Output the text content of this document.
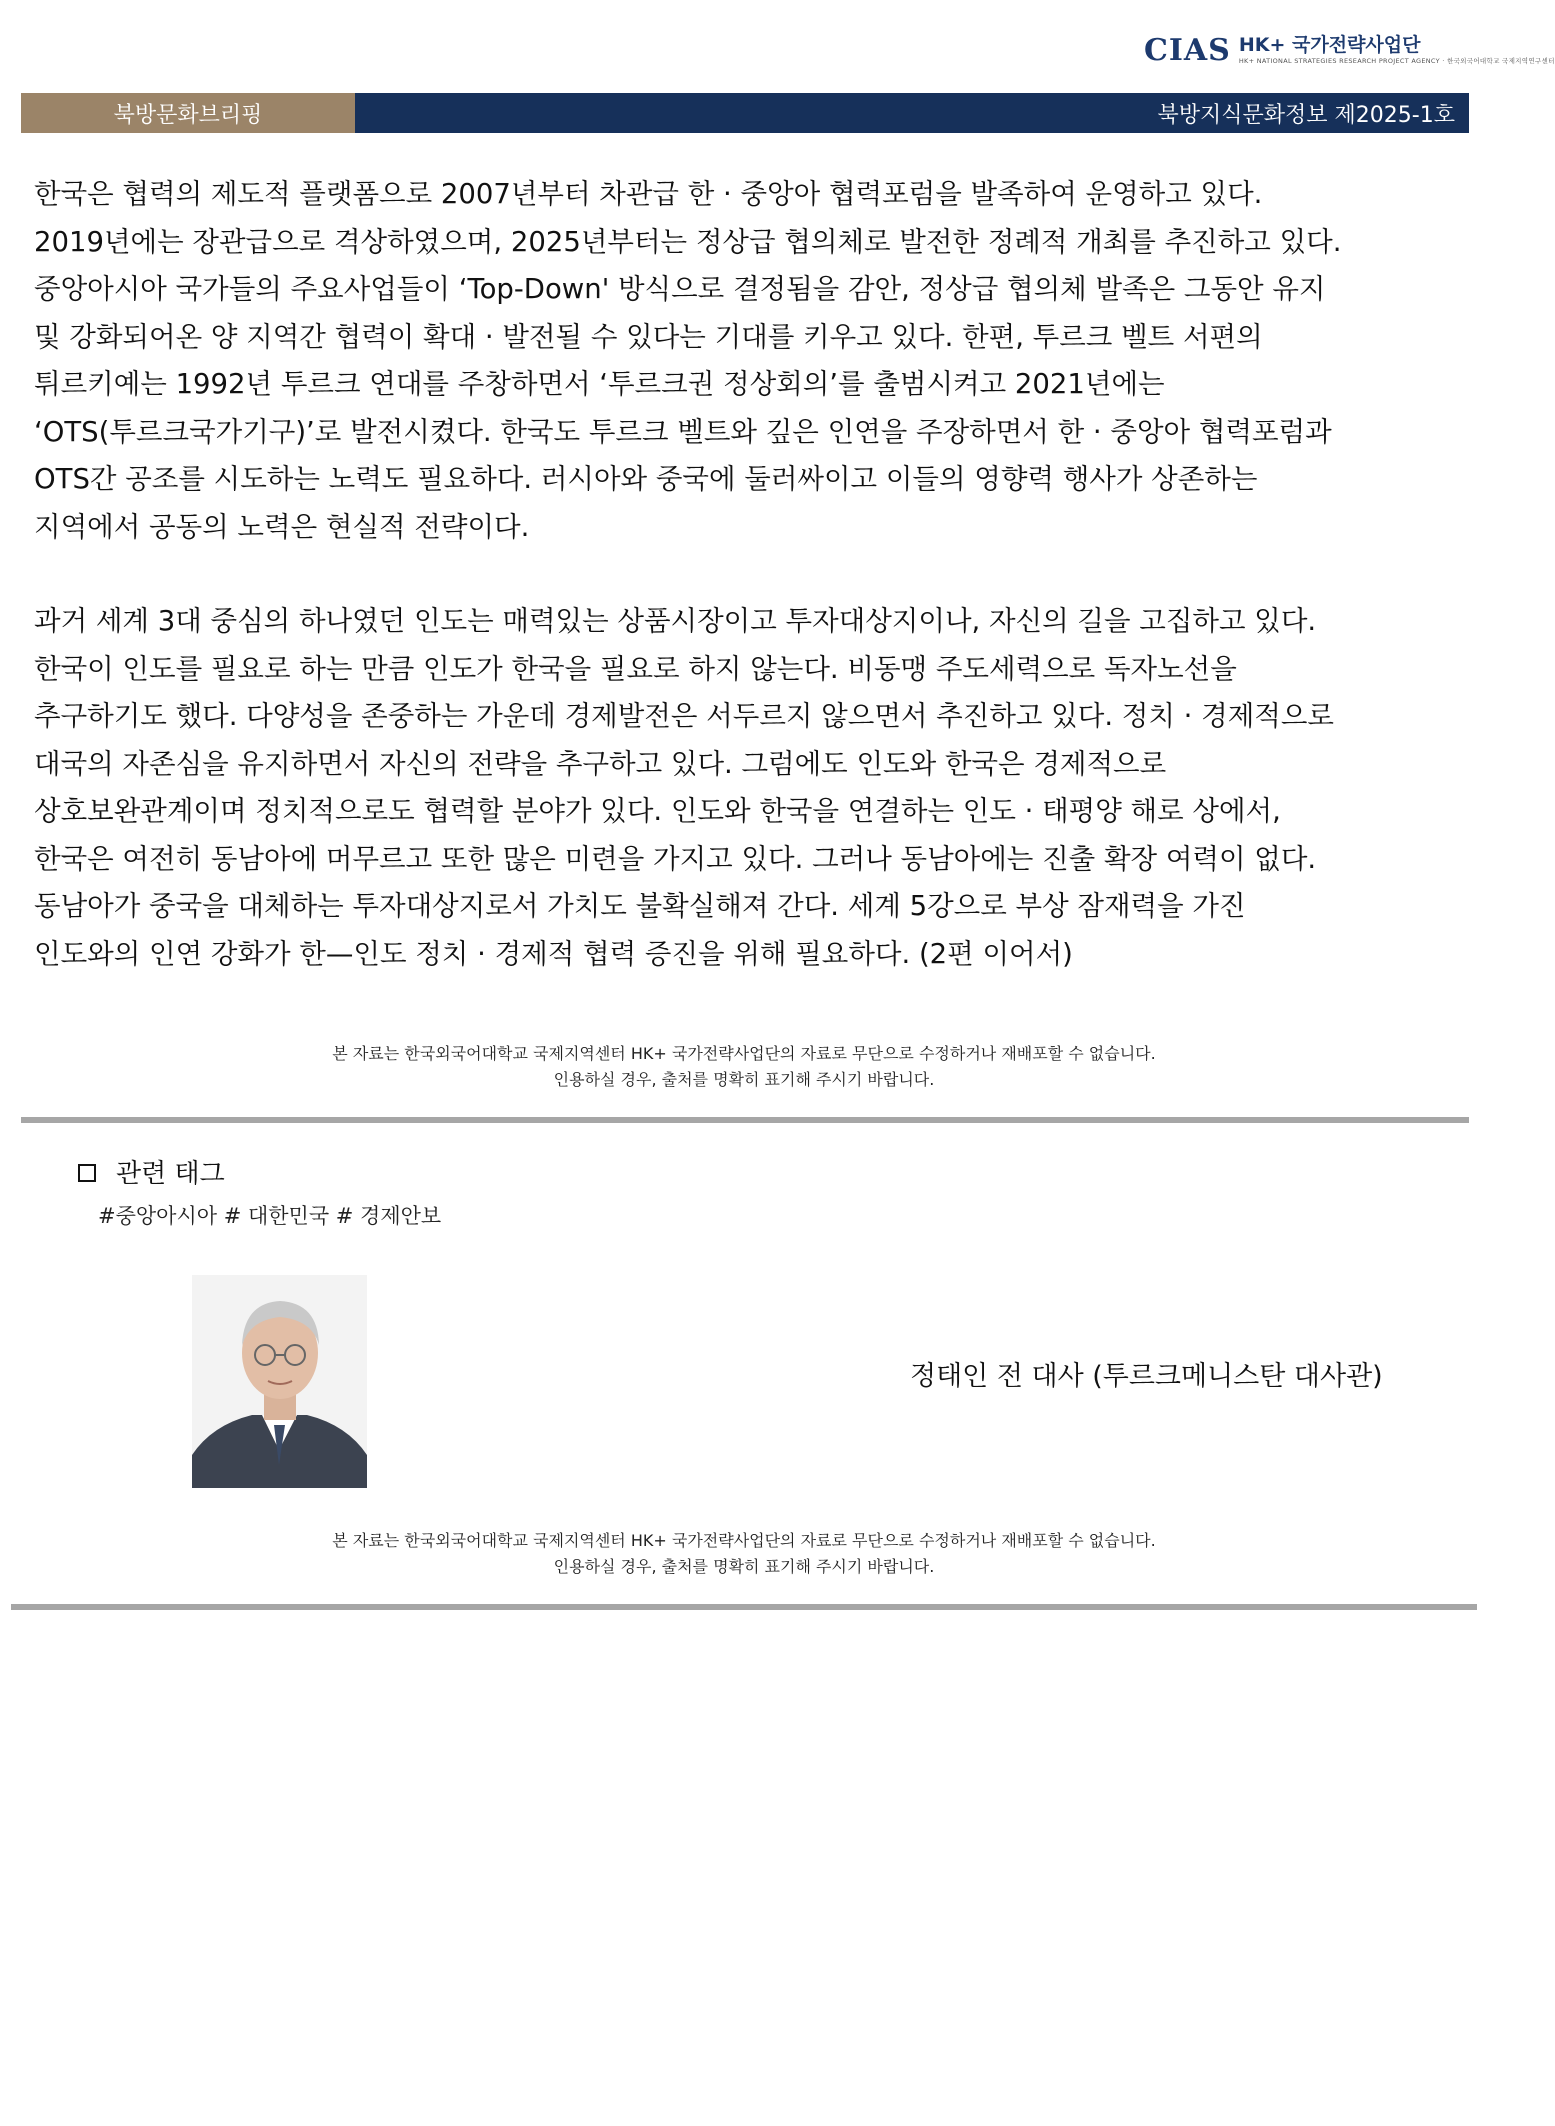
CIAS HK+ 국가전략사업단
HK+ NATIONAL STRATEGIES RESEARCH PROJECT AGENCY · 한국외국어대학교 국제지역연구센터
북방문화브리핑	북방지식문화정보 제2025-1호
한국은 협력의 제도적 플랫폼으로 2007년부터 차관급 한 · 중앙아 협력포럼을 발족하여 운영하고 있다.
2019년에는 장관급으로 격상하였으며, 2025년부터는 정상급 협의체로 발전한 정례적 개최를 추진하고 있다.
중앙아시아 국가들의 주요사업들이 ‘Top-Down' 방식으로 결정됨을 감안, 정상급 협의체 발족은 그동안 유지
및 강화되어온 양 지역간 협력이 확대 · 발전될 수 있다는 기대를 키우고 있다. 한편, 투르크 벨트 서편의
튀르키예는 1992년 투르크 연대를 주창하면서 ‘투르크권 정상회의’를 출범시켜고 2021년에는
‘OTS(투르크국가기구)’로 발전시켰다. 한국도 투르크 벨트와 깊은 인연을 주장하면서 한 · 중앙아 협력포럼과
OTS간 공조를 시도하는 노력도 필요하다. 러시아와 중국에 둘러싸이고 이들의 영향력 행사가 상존하는
지역에서 공동의 노력은 현실적 전략이다.
과거 세계 3대 중심의 하나였던 인도는 매력있는 상품시장이고 투자대상지이나, 자신의 길을 고집하고 있다.
한국이 인도를 필요로 하는 만큼 인도가 한국을 필요로 하지 않는다. 비동맹 주도세력으로 독자노선을
추구하기도 했다. 다양성을 존중하는 가운데 경제발전은 서두르지 않으면서 추진하고 있다. 정치 · 경제적으로
대국의 자존심을 유지하면서 자신의 전략을 추구하고 있다. 그럼에도 인도와 한국은 경제적으로
상호보완관계이며 정치적으로도 협력할 분야가 있다. 인도와 한국을 연결하는 인도 · 태평양 해로 상에서,
한국은 여전히 동남아에 머무르고 또한 많은 미련을 가지고 있다. 그러나 동남아에는 진출 확장 여력이 없다.
동남아가 중국을 대체하는 투자대상지로서 가치도 불확실해져 간다. 세계 5강으로 부상 잠재력을 가진
인도와의 인연 강화가 한—인도 정치 · 경제적 협력 증진을 위해 필요하다. (2편 이어서)
본 자료는 한국외국어대학교 국제지역센터 HK+ 국가전략사업단의 자료로 무단으로 수정하거나 재배포할 수 없습니다.
인용하실 경우, 출처를 명확히 표기해 주시기 바랍니다.
관련 태그
#중앙아시아 # 대한민국 # 경제안보
정태인 전 대사 (투르크메니스탄 대사관)
본 자료는 한국외국어대학교 국제지역센터 HK+ 국가전략사업단의 자료로 무단으로 수정하거나 재배포할 수 없습니다.
인용하실 경우, 출처를 명확히 표기해 주시기 바랍니다.
